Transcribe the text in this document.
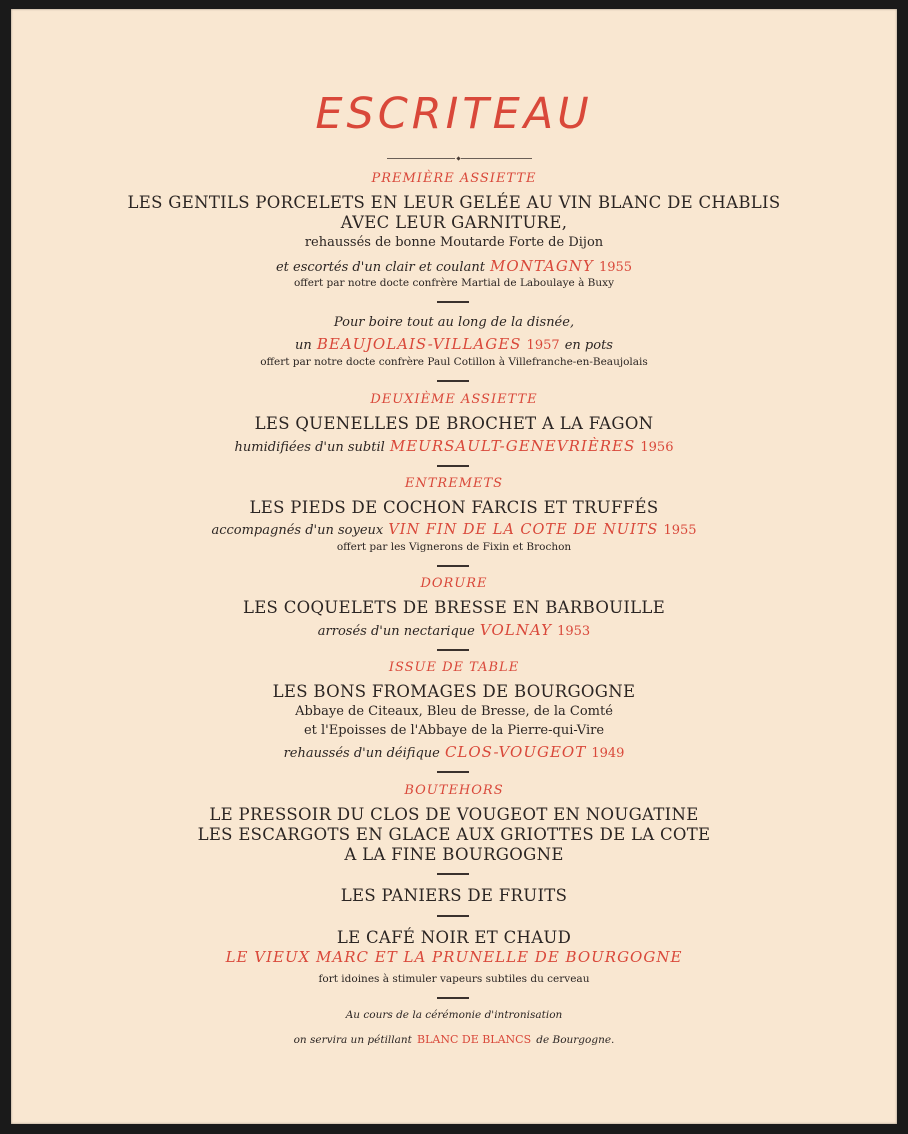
ESCRITEAU
PREMIÈRE ASSIETTE
LES GENTILS PORCELETS EN LEUR GELÉE AU VIN BLANC DE CHABLIS
AVEC LEUR GARNITURE,
rehaussés de bonne Moutarde Forte de Dijon
et escortés d'un clair et coulant MONTAGNY 1955
offert par notre docte confrère Martial de Laboulaye à Buxy
Pour boire tout au long de la disnée,
un BEAUJOLAIS-VILLAGES 1957 en pots
offert par notre docte confrère Paul Cotillon à Villefranche-en-Beaujolais
DEUXIÈME ASSIETTE
LES QUENELLES DE BROCHET A LA FAGON
humidifiées d'un subtil MEURSAULT-GENEVRIÈRES 1956
ENTREMETS
LES PIEDS DE COCHON FARCIS ET TRUFFÉS
accompagnés d'un soyeux VIN FIN DE LA COTE DE NUITS 1955
offert par les Vignerons de Fixin et Brochon
DORURE
LES COQUELETS DE BRESSE EN BARBOUILLE
arrosés d'un nectarique VOLNAY 1953
ISSUE DE TABLE
LES BONS FROMAGES DE BOURGOGNE
Abbaye de Citeaux, Bleu de Bresse, de la Comté
et l'Epoisses de l'Abbaye de la Pierre-qui-Vire
rehaussés d'un déifique CLOS-VOUGEOT 1949
BOUTEHORS
LE PRESSOIR DU CLOS DE VOUGEOT EN NOUGATINE
LES ESCARGOTS EN GLACE AUX GRIOTTES DE LA COTE
A LA FINE BOURGOGNE
LES PANIERS DE FRUITS
LE CAFÉ NOIR ET CHAUD
LE VIEUX MARC ET LA PRUNELLE DE BOURGOGNE
fort idoines à stimuler vapeurs subtiles du cerveau
Au cours de la cérémonie d'intronisation
on servira un pétillant BLANC DE BLANCS de Bourgogne.
